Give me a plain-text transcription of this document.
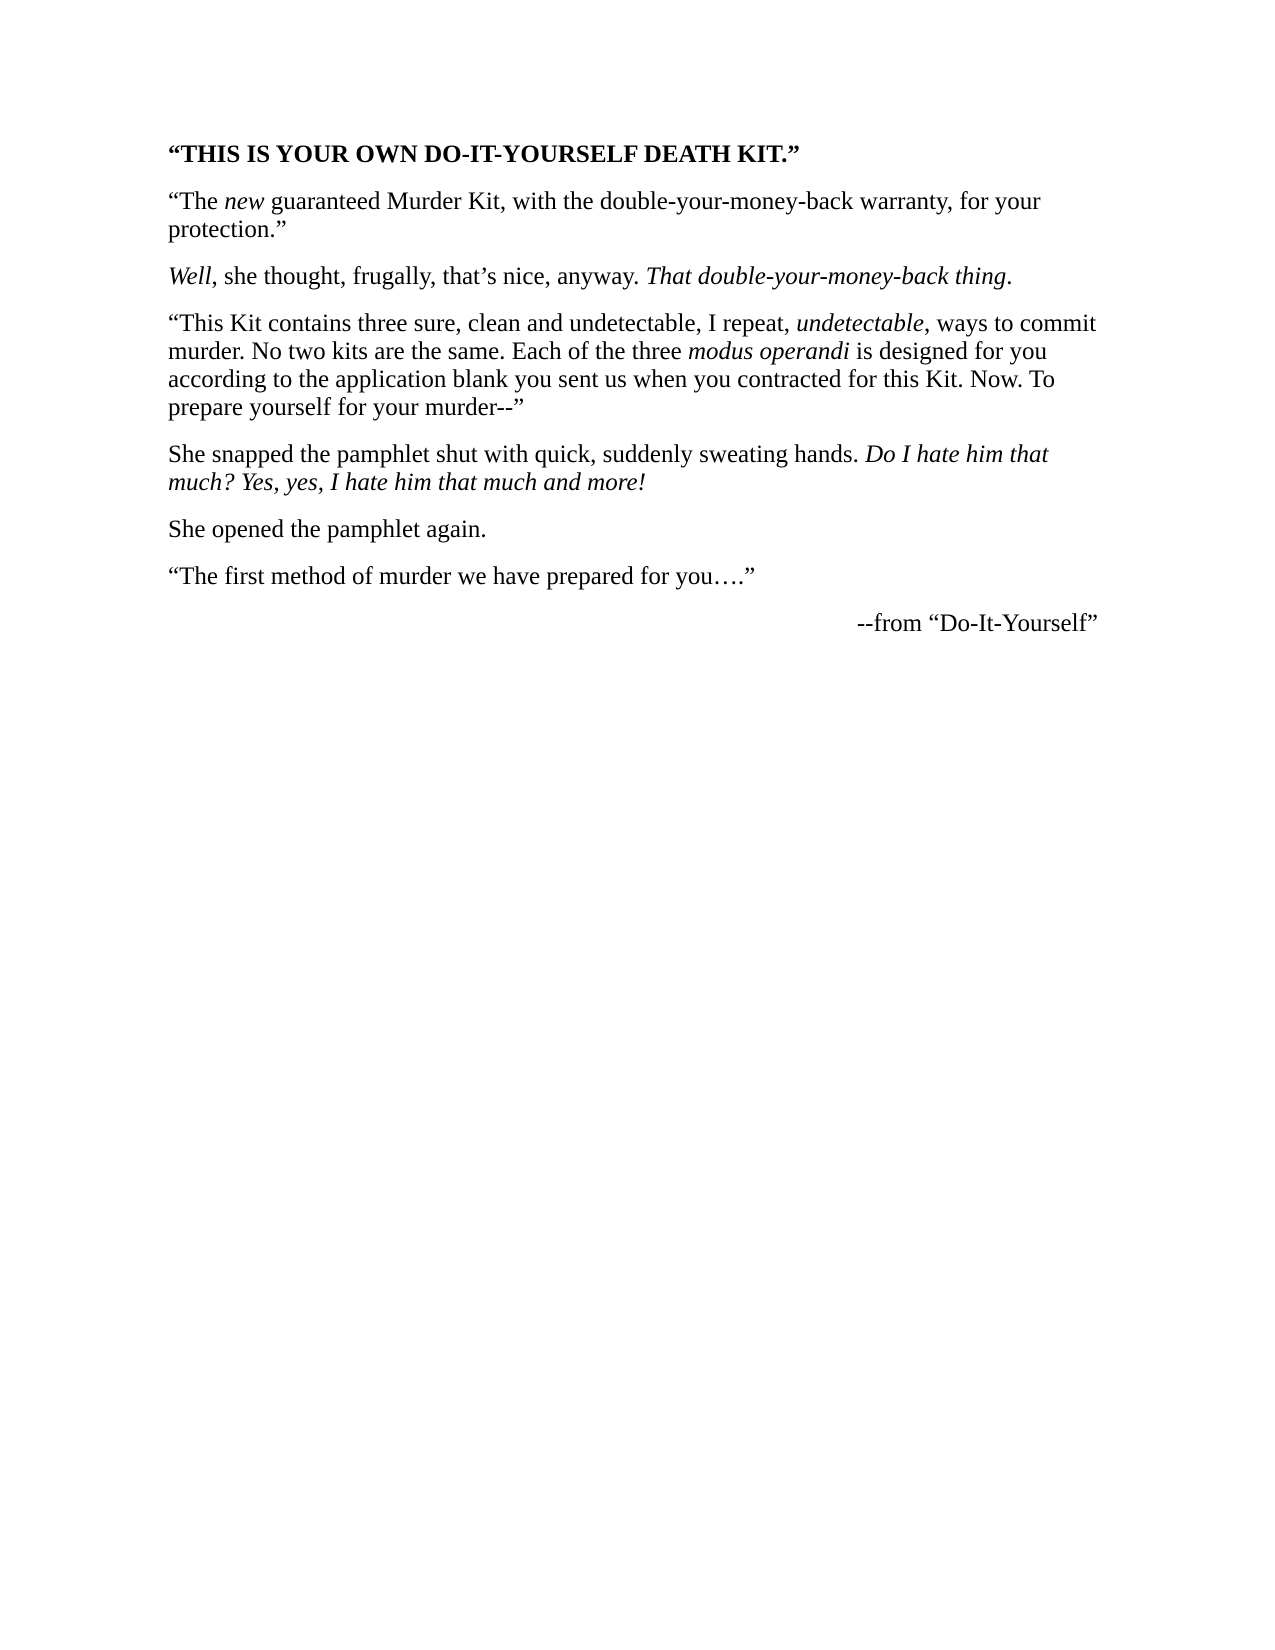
“THIS IS YOUR OWN DO-IT-YOURSELF DEATH KIT.”

“The new guaranteed Murder Kit, with the double-your-money-back warranty, for your protection.”

Well, she thought, frugally, that’s nice, anyway. That double-your-money-back thing.

“This Kit contains three sure, clean and undetectable, I repeat, undetectable, ways to commit murder. No two kits are the same. Each of the three modus operandi is designed for you according to the application blank you sent us when you contracted for this Kit. Now. To prepare yourself for your murder--”

She snapped the pamphlet shut with quick, suddenly sweating hands. Do I hate him that much? Yes, yes, I hate him that much and more!

She opened the pamphlet again.

“The first method of murder we have prepared for you….”

--from “Do-It-Yourself”
